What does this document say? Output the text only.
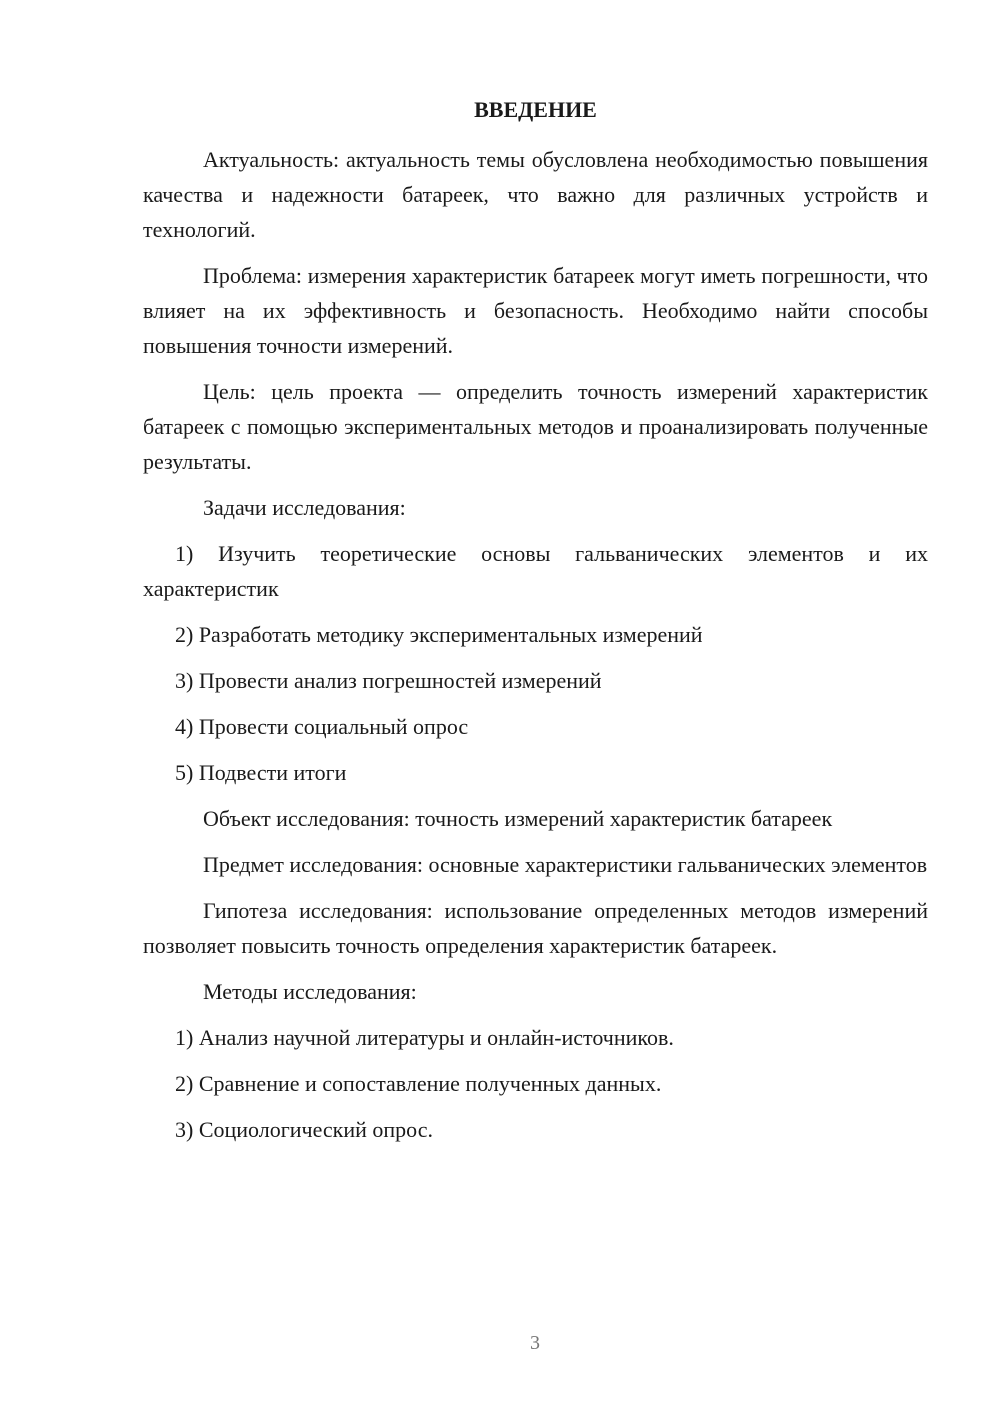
ВВЕДЕНИЕ

Актуальность: актуальность темы обусловлена необходимостью повышения качества и надежности батареек, что важно для различных устройств и технологий.

Проблема: измерения характеристик батареек могут иметь погрешности, что влияет на их эффективность и безопасность. Необходимо найти способы повышения точности измерений.

Цель: цель проекта — определить точность измерений характеристик батареек с помощью экспериментальных методов и проанализировать полученные результаты.

Задачи исследования:

1) Изучить теоретические основы гальванических элементов и их характеристик

2) Разработать методику экспериментальных измерений

3) Провести анализ погрешностей измерений

4) Провести социальный опрос

5) Подвести итоги

Объект исследования: точность измерений характеристик батареек

Предмет исследования: основные характеристики гальванических элементов

Гипотеза исследования: использование определенных методов измерений позволяет повысить точность определения характеристик батареек.

Методы исследования:

1) Анализ научной литературы и онлайн-источников.

2) Сравнение и сопоставление полученных данных.

3) Социологический опрос.

3
